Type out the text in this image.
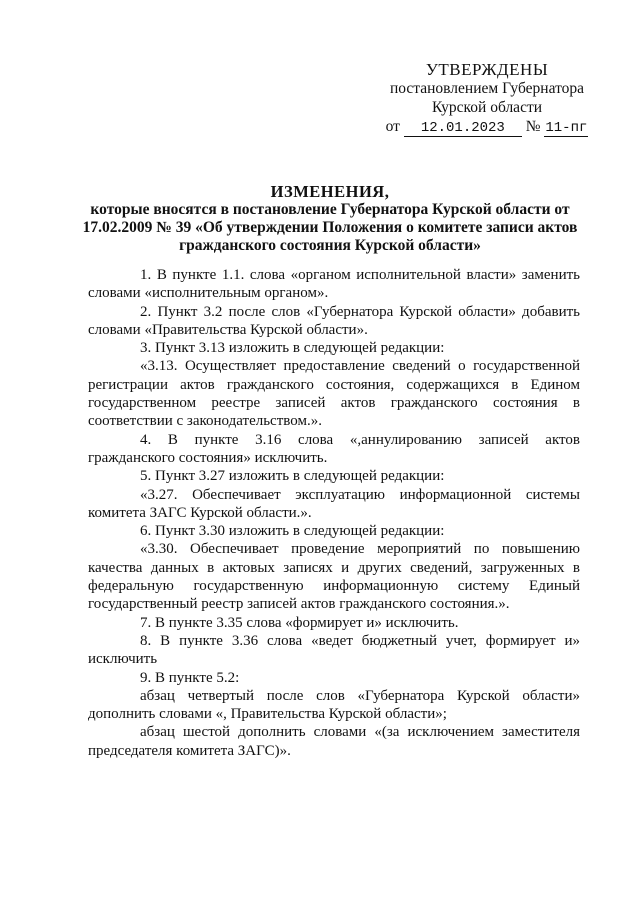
УТВЕРЖДЕНЫ
постановлением Губернатора
Курской области
от 12.01.2023 № 11-пг
ИЗМЕНЕНИЯ,
которые вносятся в постановление Губернатора Курской области от
17.02.2009 № 39 «Об утверждении Положения о комитете записи актов
гражданского состояния Курской области»

1. В пункте 1.1. слова «органом исполнительной власти» заменить словами «исполнительным органом».

2. Пункт 3.2 после слов «Губернатора Курской области» добавить словами «Правительства Курской области».

3. Пункт 3.13 изложить в следующей редакции:

«3.13. Осуществляет предоставление сведений о государственной регистрации актов гражданского состояния, содержащихся в Едином государственном реестре записей актов гражданского состояния в соответствии с законодательством.».

4. В пункте 3.16 слова «,аннулированию записей актов гражданского состояния» исключить.

5. Пункт 3.27 изложить в следующей редакции:

«3.27. Обеспечивает эксплуатацию информационной системы комитета ЗАГС Курской области.».

6. Пункт 3.30 изложить в следующей редакции:

«3.30. Обеспечивает проведение мероприятий по повышению качества данных в актовых записях и других сведений, загруженных в федеральную государственную информационную систему Единый государственный реестр записей актов гражданского состояния.».

7. В пункте 3.35 слова «формирует и» исключить.

8. В пункте 3.36 слова «ведет бюджетный учет, формирует и» исключить

9. В пункте 5.2:

абзац четвертый после слов «Губернатора Курской области» дополнить словами «, Правительства Курской области»;

абзац шестой дополнить словами «(за исключением заместителя председателя комитета ЗАГС)».
